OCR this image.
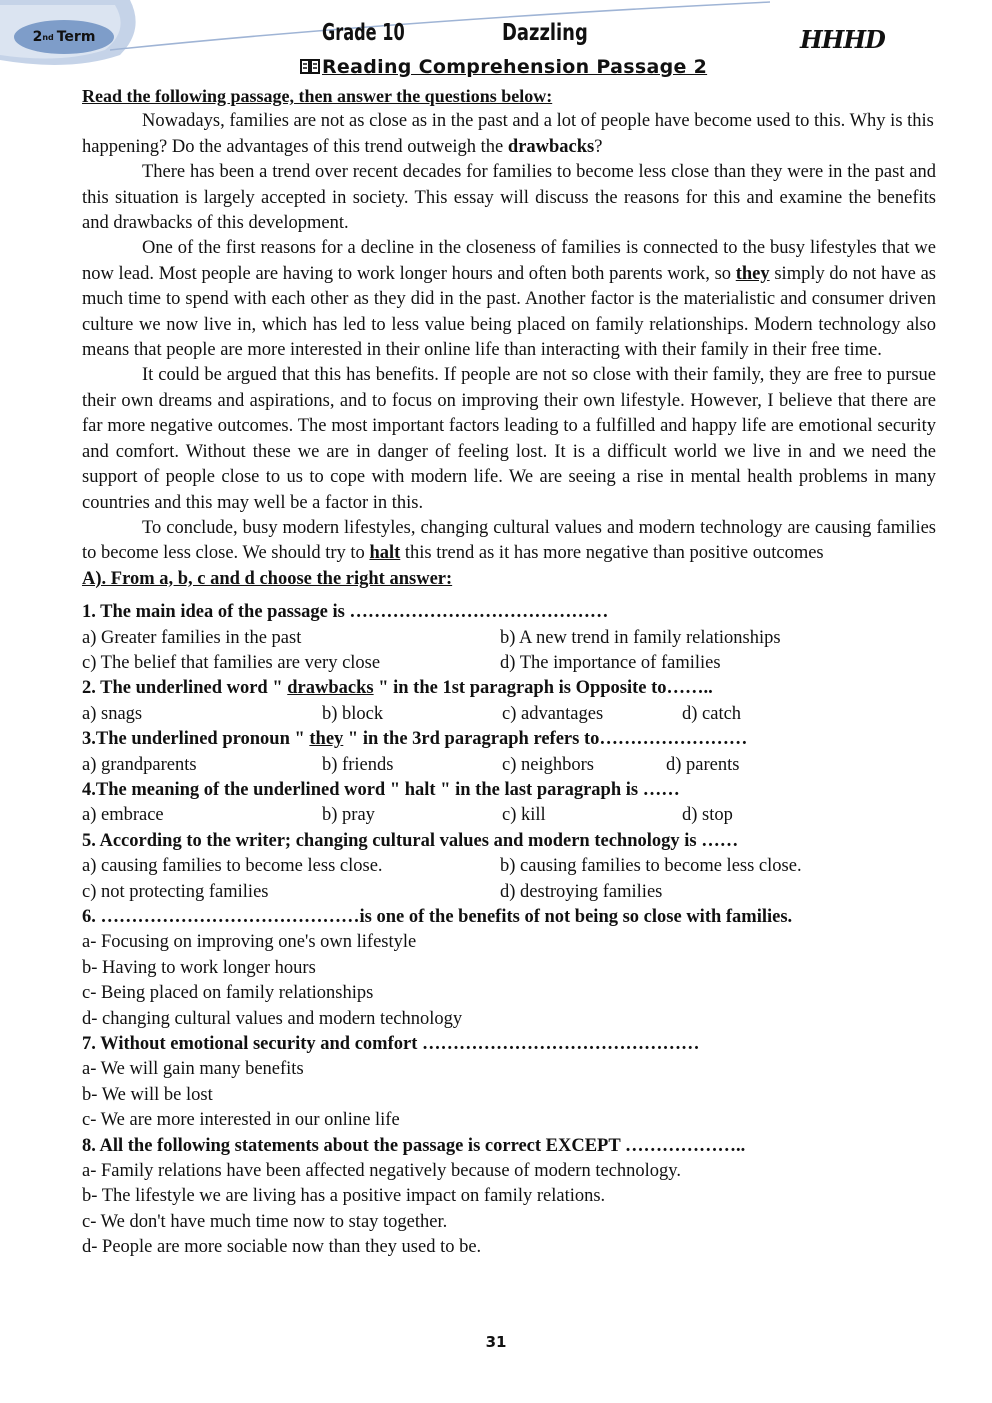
2 nd Term	Grade 10	Dazzling	HHHD
Reading Comprehension Passage 2
Read the following passage, then answer the questions below:

Nowadays, families are not as close as in the past and a lot of people have become used to this. Why is this happening? Do the advantages of this trend outweigh the drawbacks?

There has been a trend over recent decades for families to become less close than they were in the past and this situation is largely accepted in society. This essay will discuss the reasons for this and examine the benefits and drawbacks of this development.

One of the first reasons for a decline in the closeness of families is connected to the busy lifestyles that we now lead. Most people are having to work longer hours and often both parents work, so they simply do not have as much time to spend with each other as they did in the past. Another factor is the materialistic and consumer driven culture we now live in, which has led to less value being placed on family relationships. Modern technology also means that people are more interested in their online life than interacting with their family in their free time.

It could be argued that this has benefits. If people are not so close with their family, they are free to pursue their own dreams and aspirations, and to focus on improving their own lifestyle. However, I believe that there are far more negative outcomes. The most important factors leading to a fulfilled and happy life are emotional security and comfort. Without these we are in danger of feeling lost. It is a difficult world we live in and we need the support of people close to us to cope with modern life. We are seeing a rise in mental health problems in many countries and this may well be a factor in this.

To conclude, busy modern lifestyles, changing cultural values and modern technology are causing families to become less close. We should try to halt this trend as it has more negative than positive outcomes

A). From a, b, c and d choose the right answer:

1. The main idea of the passage is ……………………………………

a) Greater families in the past	b) A new trend in family relationships

c) The belief that families are very close	d) The importance of families

2. The underlined word " drawbacks " in the 1st paragraph is Opposite to……..

a) snags	b) block	c) advantages	d) catch

3.The underlined pronoun " they " in the 3rd paragraph refers to……………………

a) grandparents	b) friends	c) neighbors	d) parents

4.The meaning of the underlined word " halt " in the last paragraph is ……

a) embrace	b) pray	c) kill	d) stop

5. According to the writer; changing cultural values and modern technology is ……

a) causing families to become less close.	b) causing families to become less close.

c) not protecting families	d) destroying families

6. ……………………………………is one of the benefits of not being so close with families.

a- Focusing on improving one's own lifestyle

b- Having to work longer hours

c- Being placed on family relationships

d- changing cultural values and modern technology

7. Without emotional security and comfort ………………………………………

a- We will gain many benefits

b- We will be lost

c- We are more interested in our online life

8. All the following statements about the passage is correct EXCEPT ………………..

a- Family relations have been affected negatively because of modern technology.

b- The lifestyle we are living has a positive impact on family relations.

c- We don't have much time now to stay together.

d- People are more sociable now than they used to be.

31
